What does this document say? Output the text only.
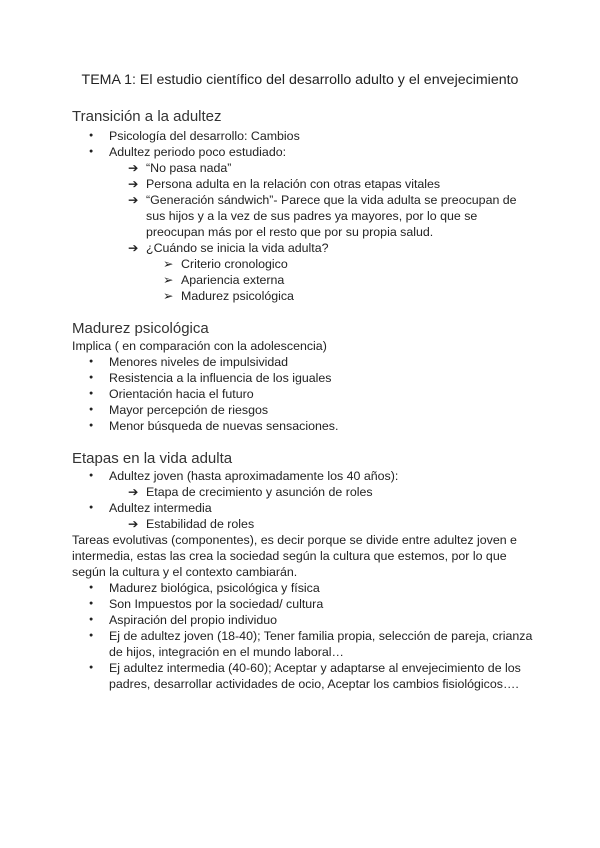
TEMA 1: El estudio científico del desarrollo adulto y el envejecimiento
Transición a la adultez
Psicología del desarrollo: Cambios
Adultez periodo poco estudiado:
➔ “No pasa nada”
➔ Persona adulta en la relación con otras etapas vitales
➔ “Generación sándwich”- Parece que la vida adulta se preocupan de
sus hijos y a la vez de sus padres ya mayores, por lo que se
preocupan más por el resto que por su propia salud.
➔ ¿Cuándo se inicia la vida adulta?
➢ Criterio cronologico
➢ Apariencia externa
➢ Madurez psicológica
Madurez psicológica
Implica ( en comparación con la adolescencia)
Menores niveles de impulsividad
Resistencia a la influencia de los iguales
Orientación hacia el futuro
Mayor percepción de riesgos
Menor búsqueda de nuevas sensaciones.
Etapas en la vida adulta
Adultez joven (hasta aproximadamente los 40 años):
➔ Etapa de crecimiento y asunción de roles
Adultez intermedia
➔ Estabilidad de roles
Tareas evolutivas (componentes), es decir porque se divide entre adultez joven e
intermedia, estas las crea la sociedad según la cultura que estemos, por lo que
según la cultura y el contexto cambiarán.
Madurez biológica, psicológica y física
Son Impuestos por la sociedad/ cultura
Aspiración del propio individuo
Ej de adultez joven (18-40); Tener familia propia, selección de pareja, crianza
de hijos, integración en el mundo laboral…
Ej adultez intermedia (40-60); Aceptar y adaptarse al envejecimiento de los
padres, desarrollar actividades de ocio, Aceptar los cambios fisiológicos….
